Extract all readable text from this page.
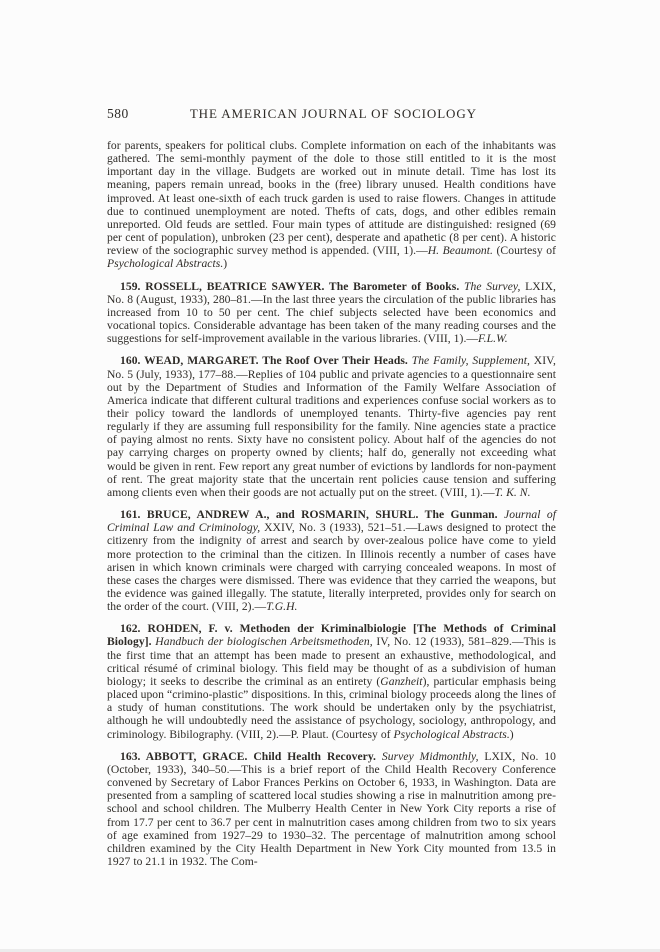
580	THE AMERICAN JOURNAL OF SOCIOLOGY

for parents, speakers for political clubs. Complete information on each of the inhabitants was gathered. The semi-monthly payment of the dole to those still entitled to it is the most important day in the village. Budgets are worked out in minute detail. Time has lost its meaning, papers remain unread, books in the (free) library unused. Health conditions have improved. At least one-sixth of each truck garden is used to raise flowers. Changes in attitude due to continued unemployment are noted. Thefts of cats, dogs, and other edibles remain unreported. Old feuds are settled. Four main types of attitude are distinguished: resigned (69 per cent of population), unbroken (23 per cent), desperate and apathetic (8 per cent). A historic review of the sociographic survey method is appended. (VIII, 1).—H. Beaumont. (Courtesy of Psychological Abstracts.)

159. ROSSELL, BEATRICE SAWYER. The Barometer of Books. The Survey, LXIX, No. 8 (August, 1933), 280–81.—In the last three years the circulation of the public libraries has increased from 10 to 50 per cent. The chief subjects selected have been economics and vocational topics. Considerable advantage has been taken of the many reading courses and the suggestions for self-improvement available in the various libraries. (VIII, 1).—F.L.W.

160. WEAD, MARGARET. The Roof Over Their Heads. The Family, Supplement, XIV, No. 5 (July, 1933), 177–88.—Replies of 104 public and private agencies to a questionnaire sent out by the Department of Studies and Information of the Family Welfare Association of America indicate that different cultural traditions and experiences confuse social workers as to their policy toward the landlords of unemployed tenants. Thirty-five agencies pay rent regularly if they are assuming full responsibility for the family. Nine agencies state a practice of paying almost no rents. Sixty have no consistent policy. About half of the agencies do not pay carrying charges on property owned by clients; half do, generally not exceeding what would be given in rent. Few report any great number of evictions by landlords for non-payment of rent. The great majority state that the uncertain rent policies cause tension and suffering among clients even when their goods are not actually put on the street. (VIII, 1).—T. K. N.

161. BRUCE, ANDREW A., and ROSMARIN, SHURL. The Gunman. Journal of Criminal Law and Criminology, XXIV, No. 3 (1933), 521–51.—Laws designed to protect the citizenry from the indignity of arrest and search by over-zealous police have come to yield more protection to the criminal than the citizen. In Illinois recently a number of cases have arisen in which known criminals were charged with carrying concealed weapons. In most of these cases the charges were dismissed. There was evidence that they carried the weapons, but the evidence was gained illegally. The statute, literally interpreted, provides only for search on the order of the court. (VIII, 2).—T.G.H.

162. ROHDEN, F. v. Methoden der Kriminalbiologie [The Methods of Criminal Biology]. Handbuch der biologischen Arbeitsmethoden, IV, No. 12 (1933), 581–829.—This is the first time that an attempt has been made to present an exhaustive, methodological, and critical résumé of criminal biology. This field may be thought of as a subdivision of human biology; it seeks to describe the criminal as an entirety (Ganzheit), particular emphasis being placed upon “crimino-plastic” dispositions. In this, criminal biology proceeds along the lines of a study of human constitutions. The work should be undertaken only by the psychiatrist, although he will undoubtedly need the assistance of psychology, sociology, anthropology, and criminology. Bibilography. (VIII, 2).—P. Plaut. (Courtesy of Psychological Abstracts.)

163. ABBOTT, GRACE. Child Health Recovery. Survey Midmonthly, LXIX, No. 10 (October, 1933), 340–50.—This is a brief report of the Child Health Recovery Conference convened by Secretary of Labor Frances Perkins on October 6, 1933, in Washington. Data are presented from a sampling of scattered local studies showing a rise in malnutrition among pre-school and school children. The Mulberry Health Center in New York City reports a rise of from 17.7 per cent to 36.7 per cent in malnutrition cases among children from two to six years of age examined from 1927–29 to 1930–32. The percentage of malnutrition among school children examined by the City Health Department in New York City mounted from 13.5 in 1927 to 21.1 in 1932. The Com-
